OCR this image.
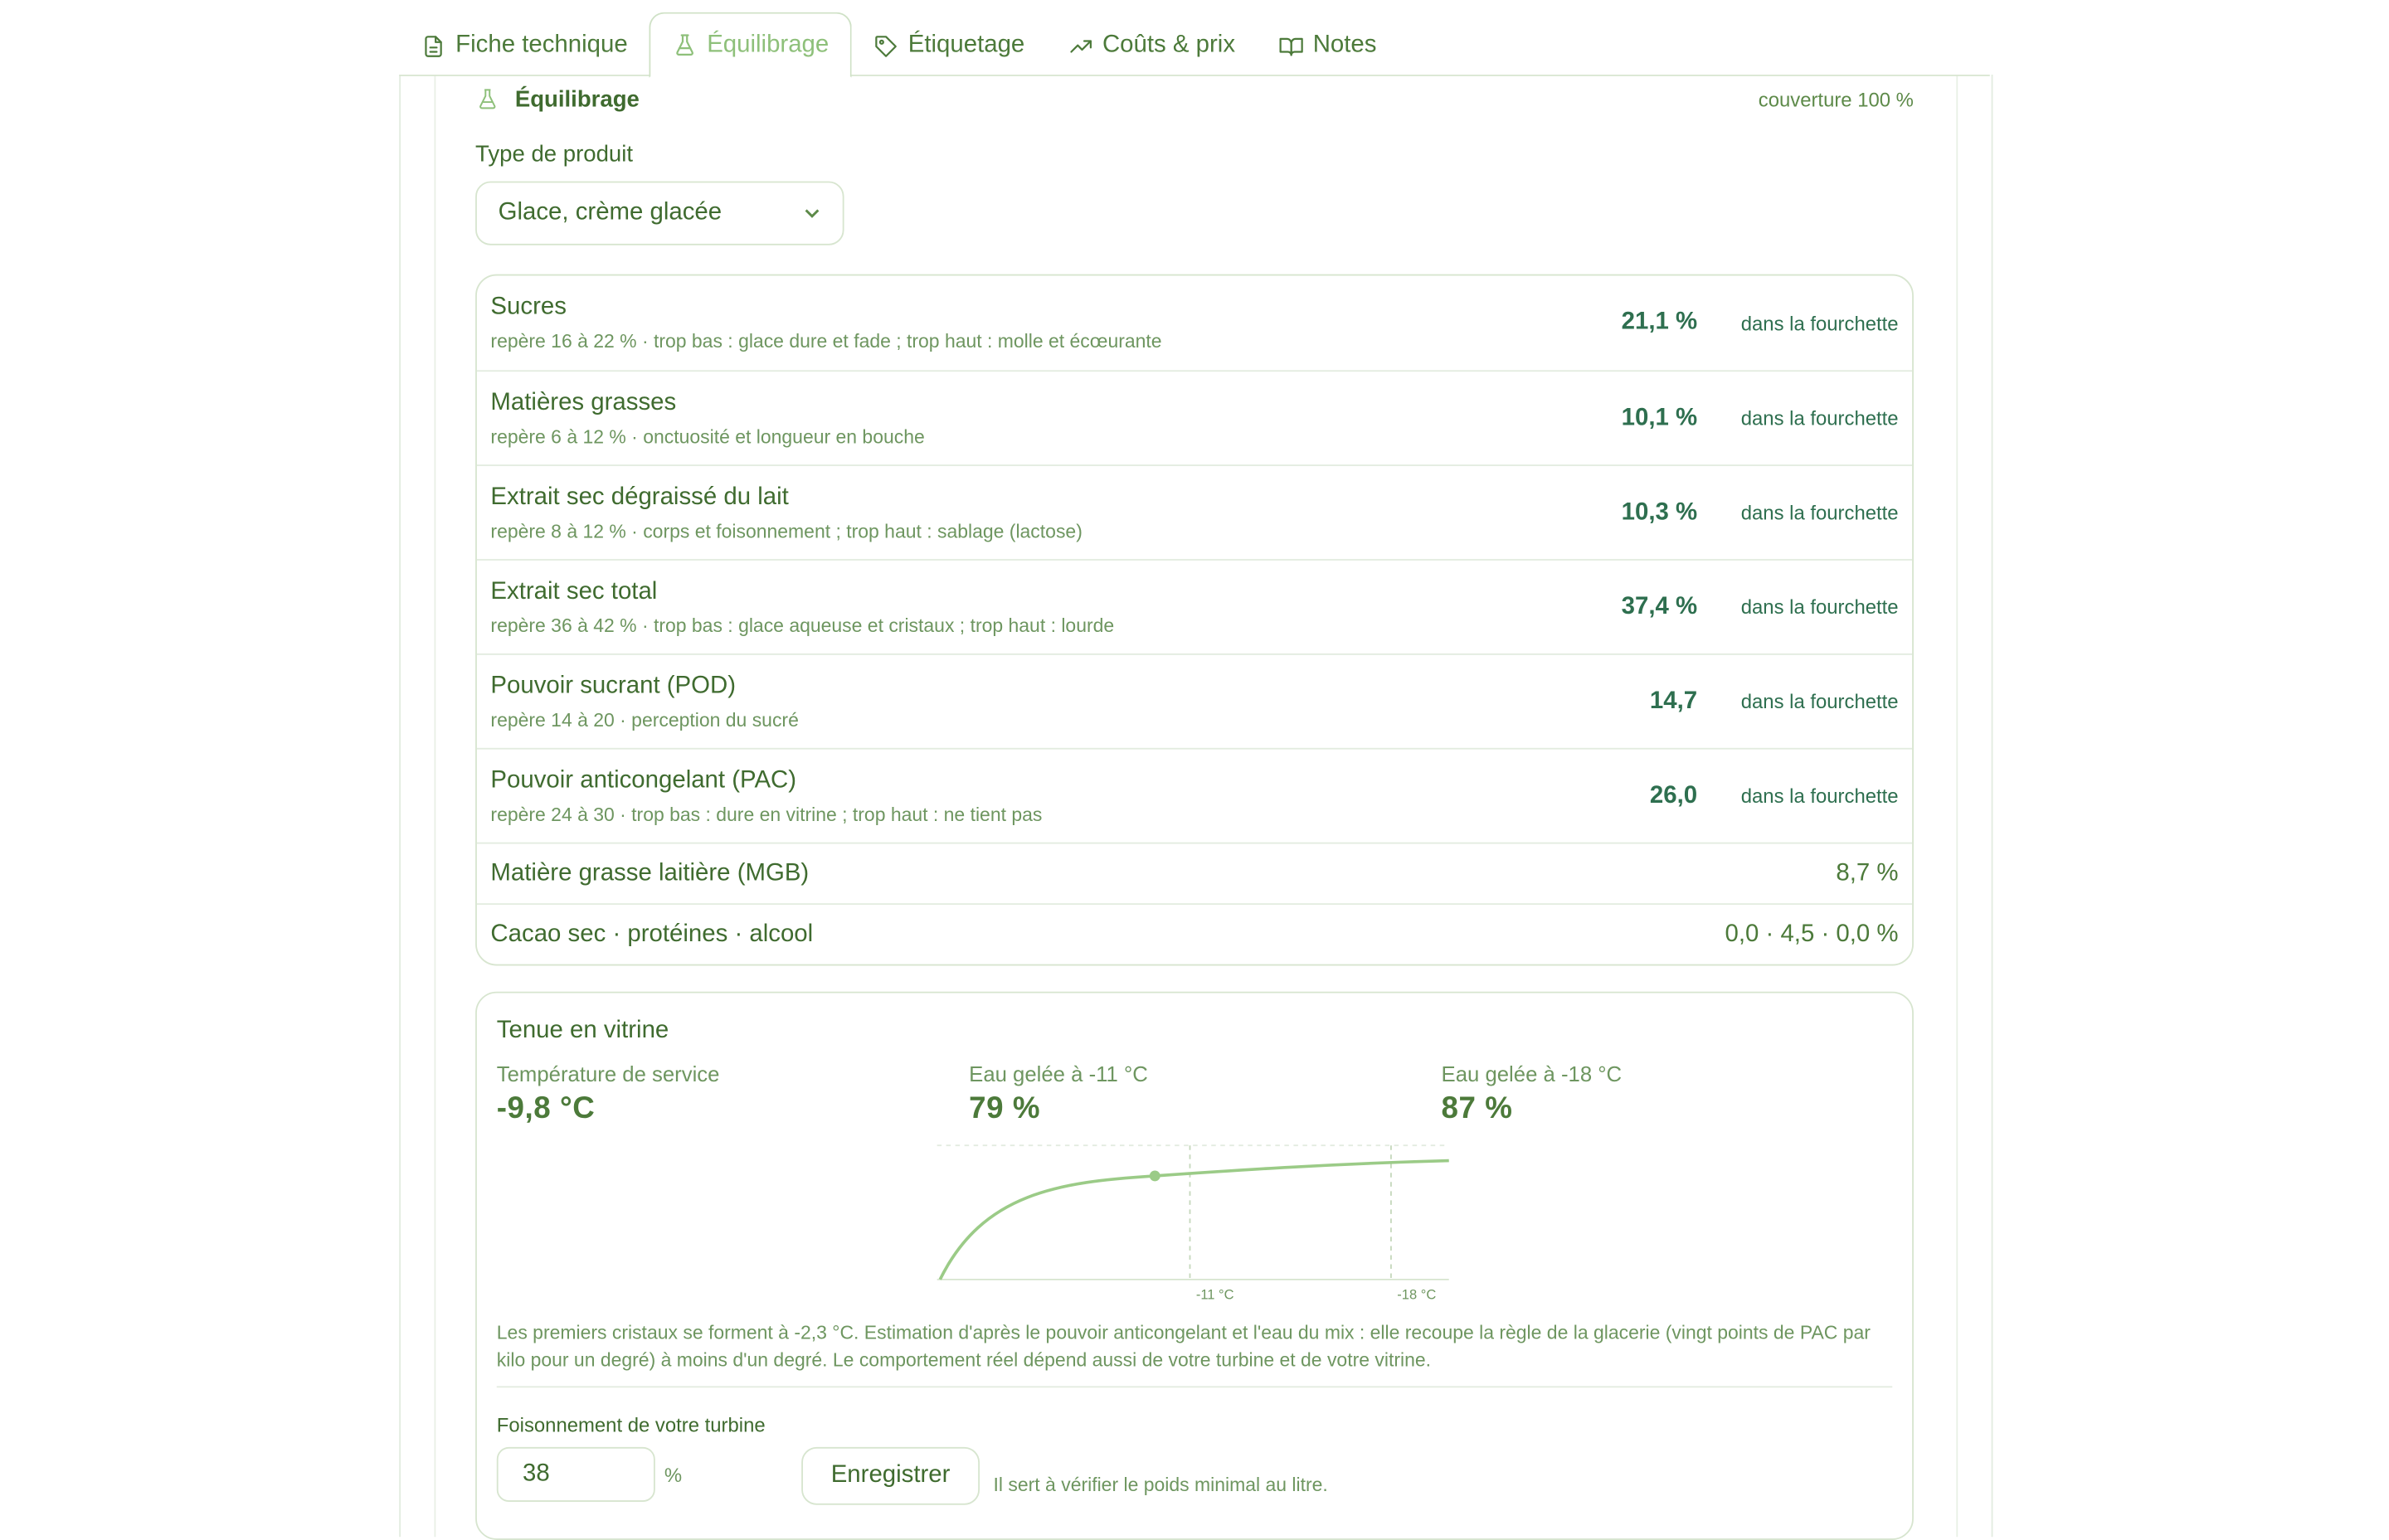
Fiche technique	Équilibrage	Étiquetage	Coûts & prix	Notes
Équilibrage	couverture 100 %
Type de produit
Glace, crème glacée
Sucres
repère 16 à 22 % · trop bas : glace dure et fade ; trop haut : molle et écœurante
21,1 %	dans la fourchette
Matières grasses
repère 6 à 12 % · onctuosité et longueur en bouche
10,1 %	dans la fourchette
Extrait sec dégraissé du lait
repère 8 à 12 % · corps et foisonnement ; trop haut : sablage (lactose)
10,3 %	dans la fourchette
Extrait sec total
repère 36 à 42 % · trop bas : glace aqueuse et cristaux ; trop haut : lourde
37,4 %	dans la fourchette
Pouvoir sucrant (POD)
repère 14 à 20 · perception du sucré
14,7	dans la fourchette
Pouvoir anticongelant (PAC)
repère 24 à 30 · trop bas : dure en vitrine ; trop haut : ne tient pas
26,0	dans la fourchette
Matière grasse laitière (MGB)	8,7 %
Cacao sec · protéines · alcool	0,0 · 4,5 · 0,0 %
Tenue en vitrine
Température de service
-9,8 °C
Eau gelée à -11 °C
79 %
Eau gelée à -18 °C
87 %
-11 °C	-18 °C
Les premiers cristaux se forment à -2,3 °C. Estimation d'après le pouvoir anticongelant et l'eau du mix : elle recoupe la règle de la glacerie (vingt points de PAC par kilo pour un degré) à moins d'un degré. Le comportement réel dépend aussi de votre turbine et de votre vitrine.
Foisonnement de votre turbine
38	%	Enregistrer	Il sert à vérifier le poids minimal au litre.
